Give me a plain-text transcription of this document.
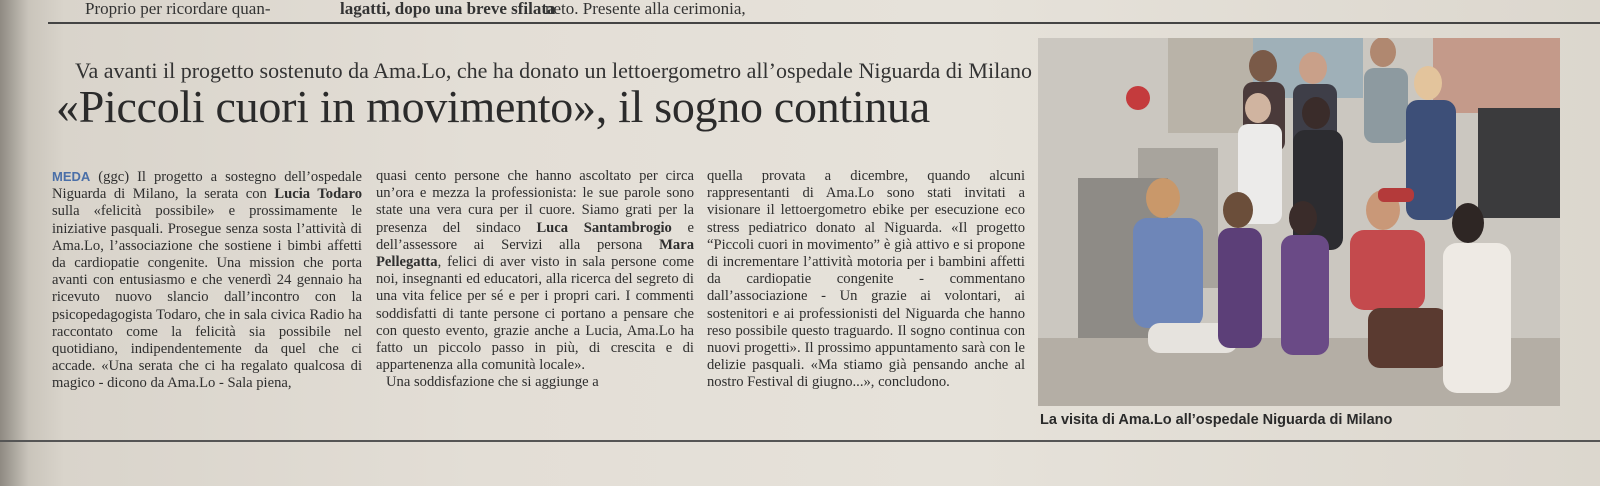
Proprio per ricordare quan-	lagatti, dopo una breve sfilata
neto. Presente alla cerimonia,
Va avanti il progetto sostenuto da Ama.Lo, che ha donato un lettoergometro all’ospedale Niguarda di Milano
«Piccoli cuori in movimento», il sogno continua

MEDA (ggc) Il progetto a sostegno dell’ospedale Niguarda di Milano, la serata con Lucia Todaro sulla «felicità possibile» e prossimamente le iniziative pasquali. Prosegue senza sosta l’attività di Ama.Lo, l’associazione che sostiene i bimbi affetti da cardiopatie congenite. Una mission che porta avanti con entusiasmo e che venerdì 24 gennaio ha ricevuto nuovo slancio dall’incontro con la psicopedagogista Todaro, che in sala civica Radio ha raccontato come la felicità sia possibile nel quotidiano, indipendentemente da quel che ci accade. «Una serata che ci ha regalato qualcosa di magico - dicono da Ama.Lo - Sala piena,

quasi cento persone che hanno ascoltato per circa un’ora e mezza la professionista: le sue parole sono state una vera cura per il cuore. Siamo grati per la presenza del sindaco Luca Santambrogio e dell’assessore ai Servizi alla persona Mara Pellegatta, felici di aver visto in sala persone come noi, insegnanti ed educatori, alla ricerca del segreto di una vita felice per sé e per i propri cari. I commenti soddisfatti di tante persone ci portano a pensare che con questo evento, grazie anche a Lucia, Ama.Lo ha fatto un piccolo passo in più, di crescita e di appartenenza alla comunità locale».

Una soddisfazione che si aggiunge a

quella provata a dicembre, quando alcuni rappresentanti di Ama.Lo sono stati invitati a visionare il lettoergometro ebike per esecuzione eco stress pediatrico donato al Niguarda. «Il progetto “Piccoli cuori in movimento” è già attivo e si propone di incrementare l’attività motoria per i bambini affetti da cardiopatie congenite - commentano dall’associazione - Un grazie ai volontari, ai sostenitori e ai professionisti del Niguarda che hanno reso possibile questo traguardo. Il sogno continua con nuovi progetti». Il prossimo appuntamento sarà con le delizie pasquali. «Ma stiamo già pensando anche al nostro Festival di giugno...», concludono.

La visita di Ama.Lo all’ospedale Niguarda di Milano
